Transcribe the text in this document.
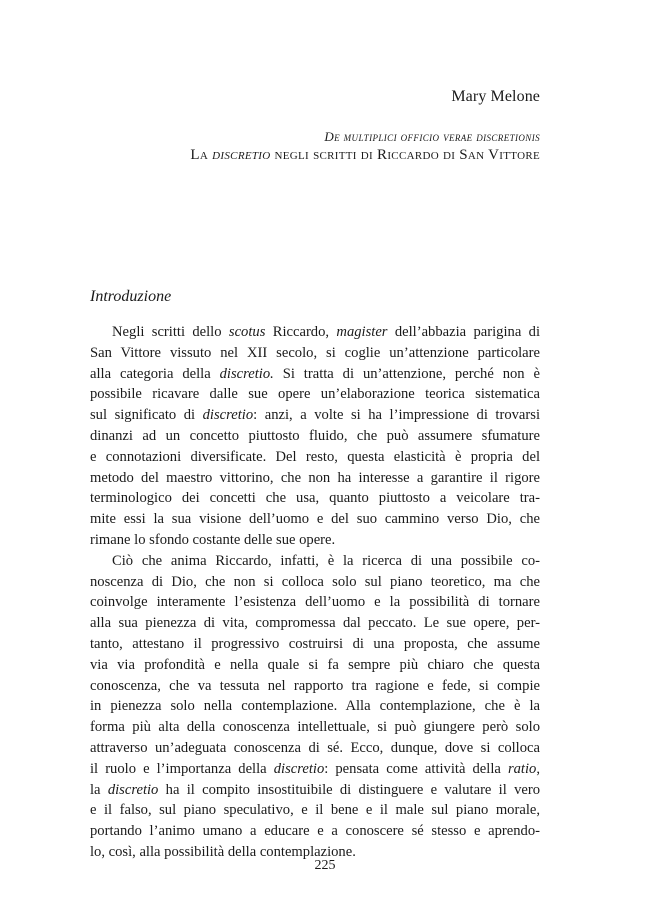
Mary Melone
De multiplici officio verae discretionis
La discretio negli scritti di Riccardo di San Vittore
Introduzione
Negli scritti dello scotus Riccardo, magister dell’abbazia parigina di
San Vittore vissuto nel XII secolo, si coglie un’attenzione particolare
alla categoria della discretio. Si tratta di un’attenzione, perché non è
possibile ricavare dalle sue opere un’elaborazione teorica sistematica
sul significato di discretio: anzi, a volte si ha l’impressione di trovarsi
dinanzi ad un concetto piuttosto fluido, che può assumere sfumature
e connotazioni diversificate. Del resto, questa elasticità è propria del
metodo del maestro vittorino, che non ha interesse a garantire il rigore
terminologico dei concetti che usa, quanto piuttosto a veicolare tra-
mite essi la sua visione dell’uomo e del suo cammino verso Dio, che
rimane lo sfondo costante delle sue opere.
Ciò che anima Riccardo, infatti, è la ricerca di una possibile co-
noscenza di Dio, che non si colloca solo sul piano teoretico, ma che
coinvolge interamente l’esistenza dell’uomo e la possibilità di tornare
alla sua pienezza di vita, compromessa dal peccato. Le sue opere, per-
tanto, attestano il progressivo costruirsi di una proposta, che assume
via via profondità e nella quale si fa sempre più chiaro che questa
conoscenza, che va tessuta nel rapporto tra ragione e fede, si compie
in pienezza solo nella contemplazione. Alla contemplazione, che è la
forma più alta della conoscenza intellettuale, si può giungere però solo
attraverso un’adeguata conoscenza di sé. Ecco, dunque, dove si colloca
il ruolo e l’importanza della discretio: pensata come attività della ratio,
la discretio ha il compito insostituibile di distinguere e valutare il vero
e il falso, sul piano speculativo, e il bene e il male sul piano morale,
portando l’animo umano a educare e a conoscere sé stesso e aprendo-
lo, così, alla possibilità della contemplazione.
225
